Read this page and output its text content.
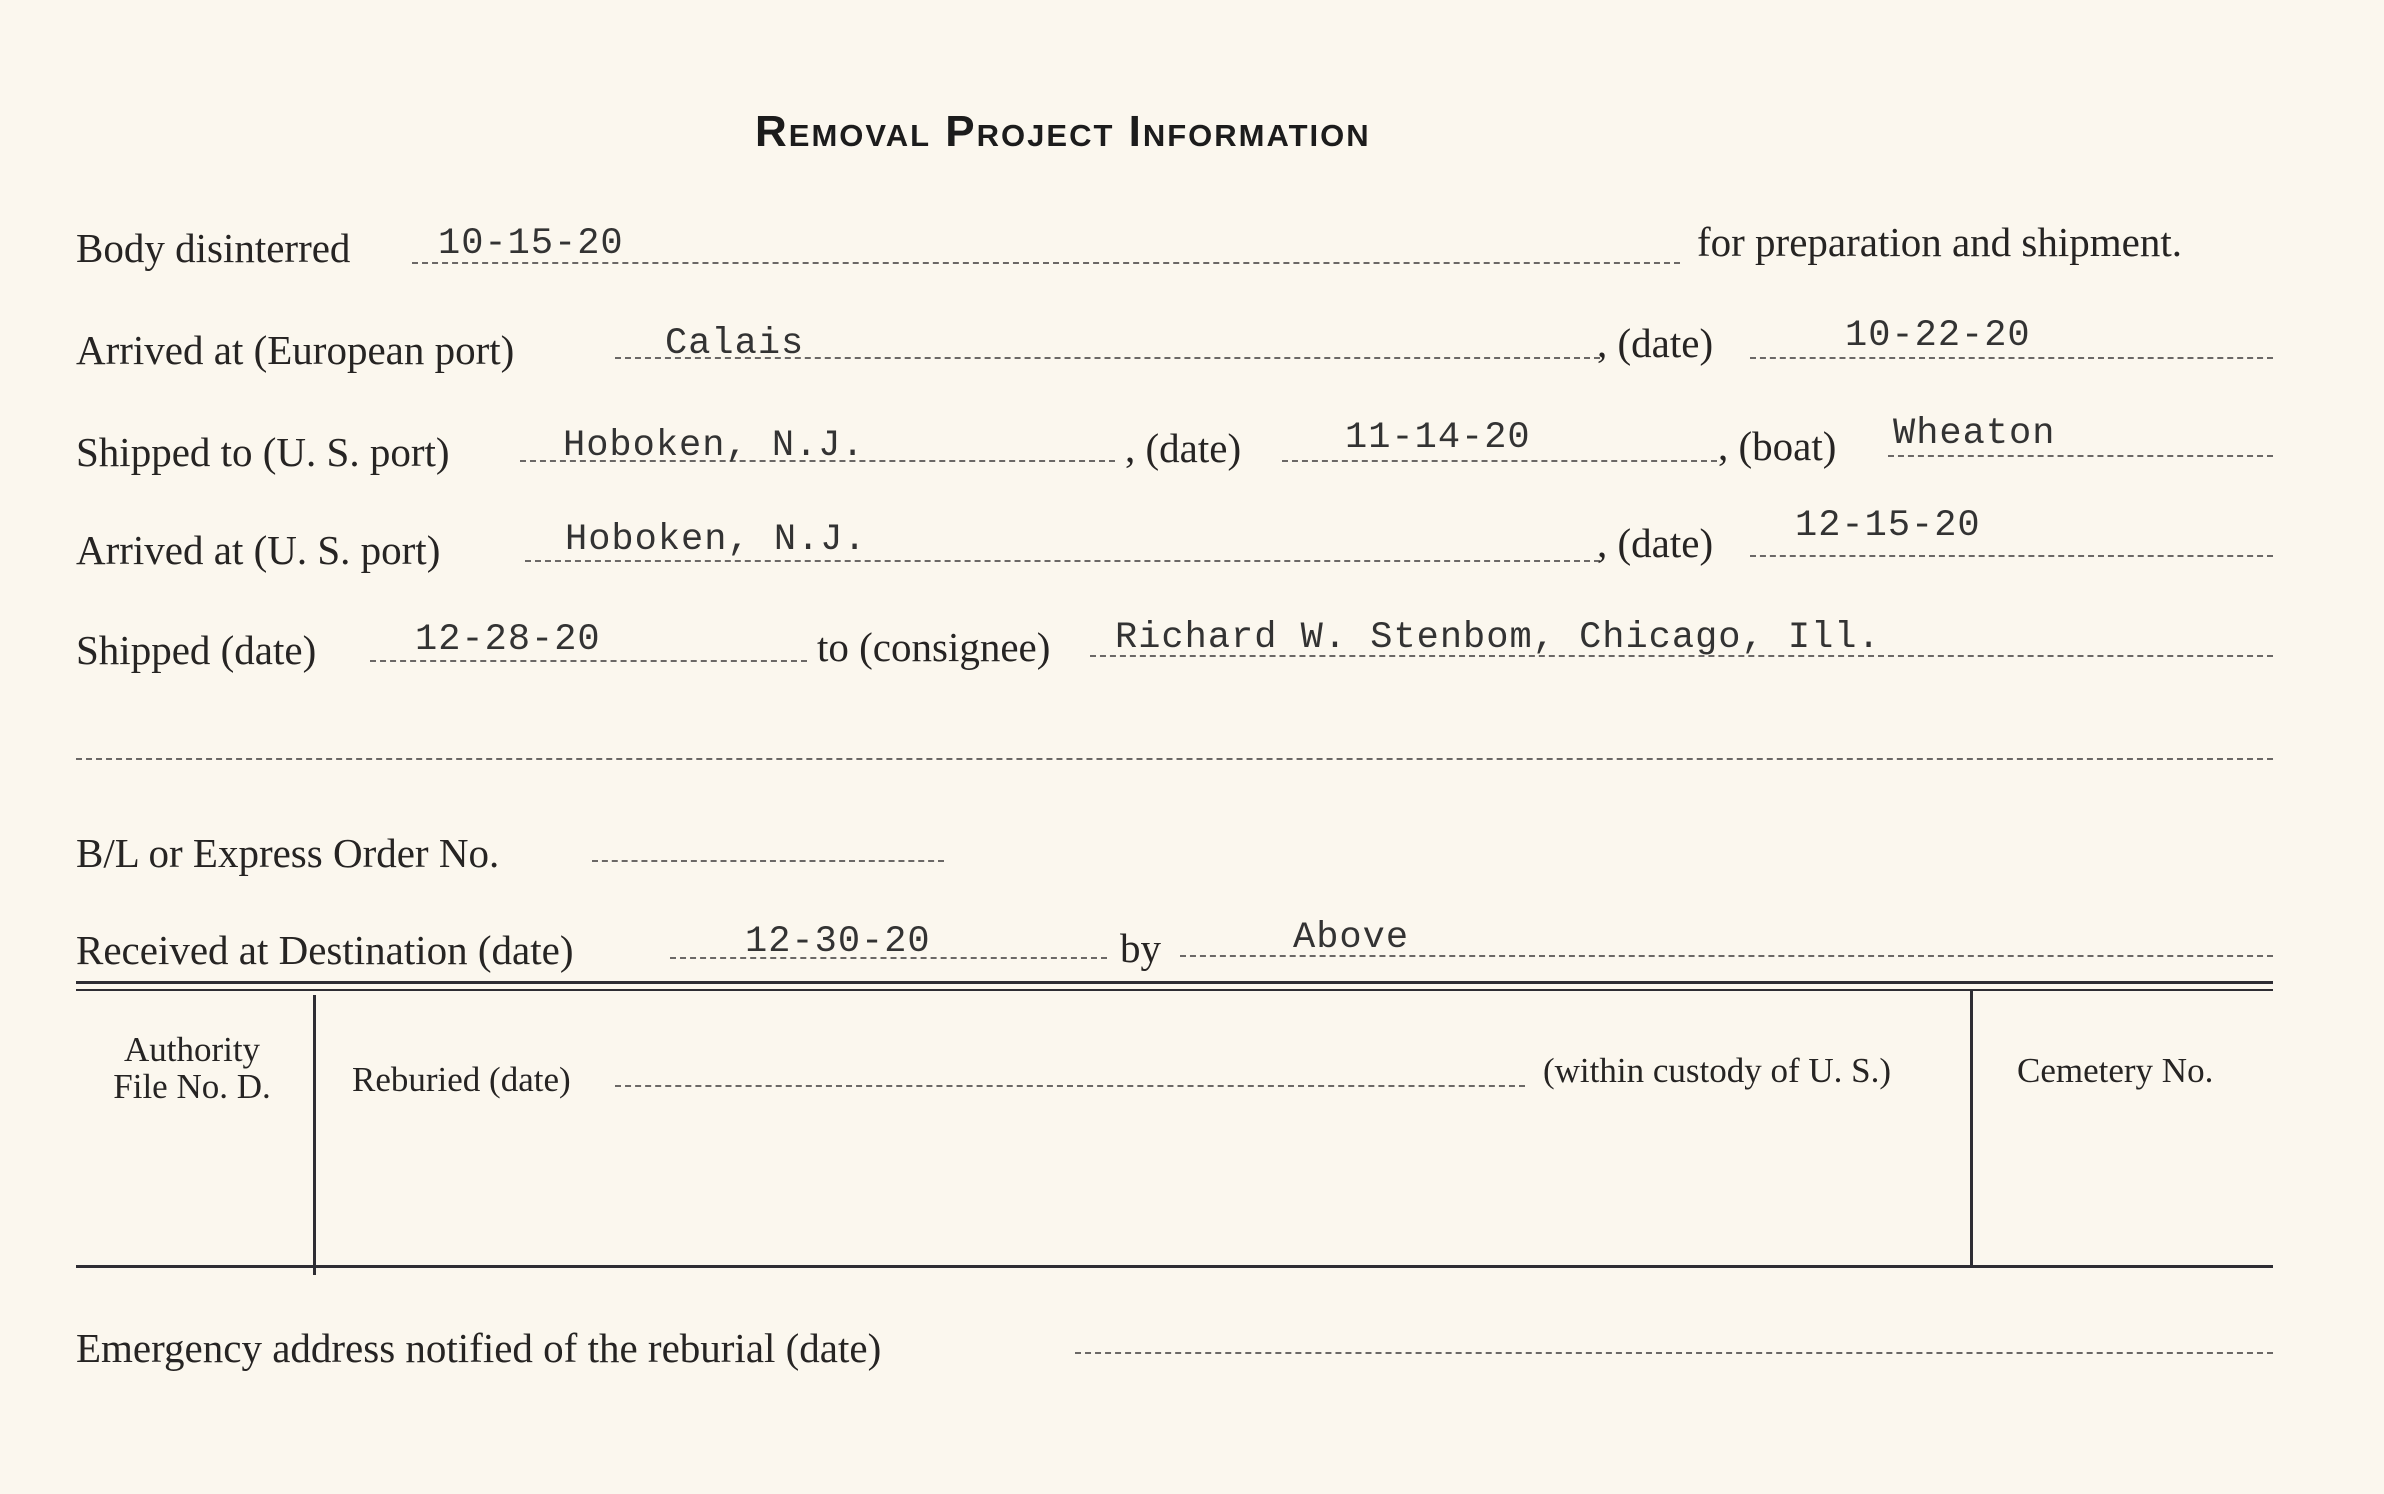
Removal Project Information
Body disinterred 10-15-20	for preparation and shipment.
Arrived at (European port)	Calais	, (date)	10-22-20
Shipped to (U. S. port)	Hoboken, N.J.	, (date)	11-14-20	, (boat) Wheaton
Arrived at (U. S. port)	Hoboken, N.J.	, (date) 12-15-20
Shipped (date)	12-28-20	to (consignee) Richard W. Stenbom, Chicago, Ill.
B/L or Express Order No.
Received at Destination (date)	12-30-20	by	Above
Authority
File No. D.	Reburied (date)	(within custody of U. S.)	Cemetery No.
Emergency address notified of the reburial (date)
